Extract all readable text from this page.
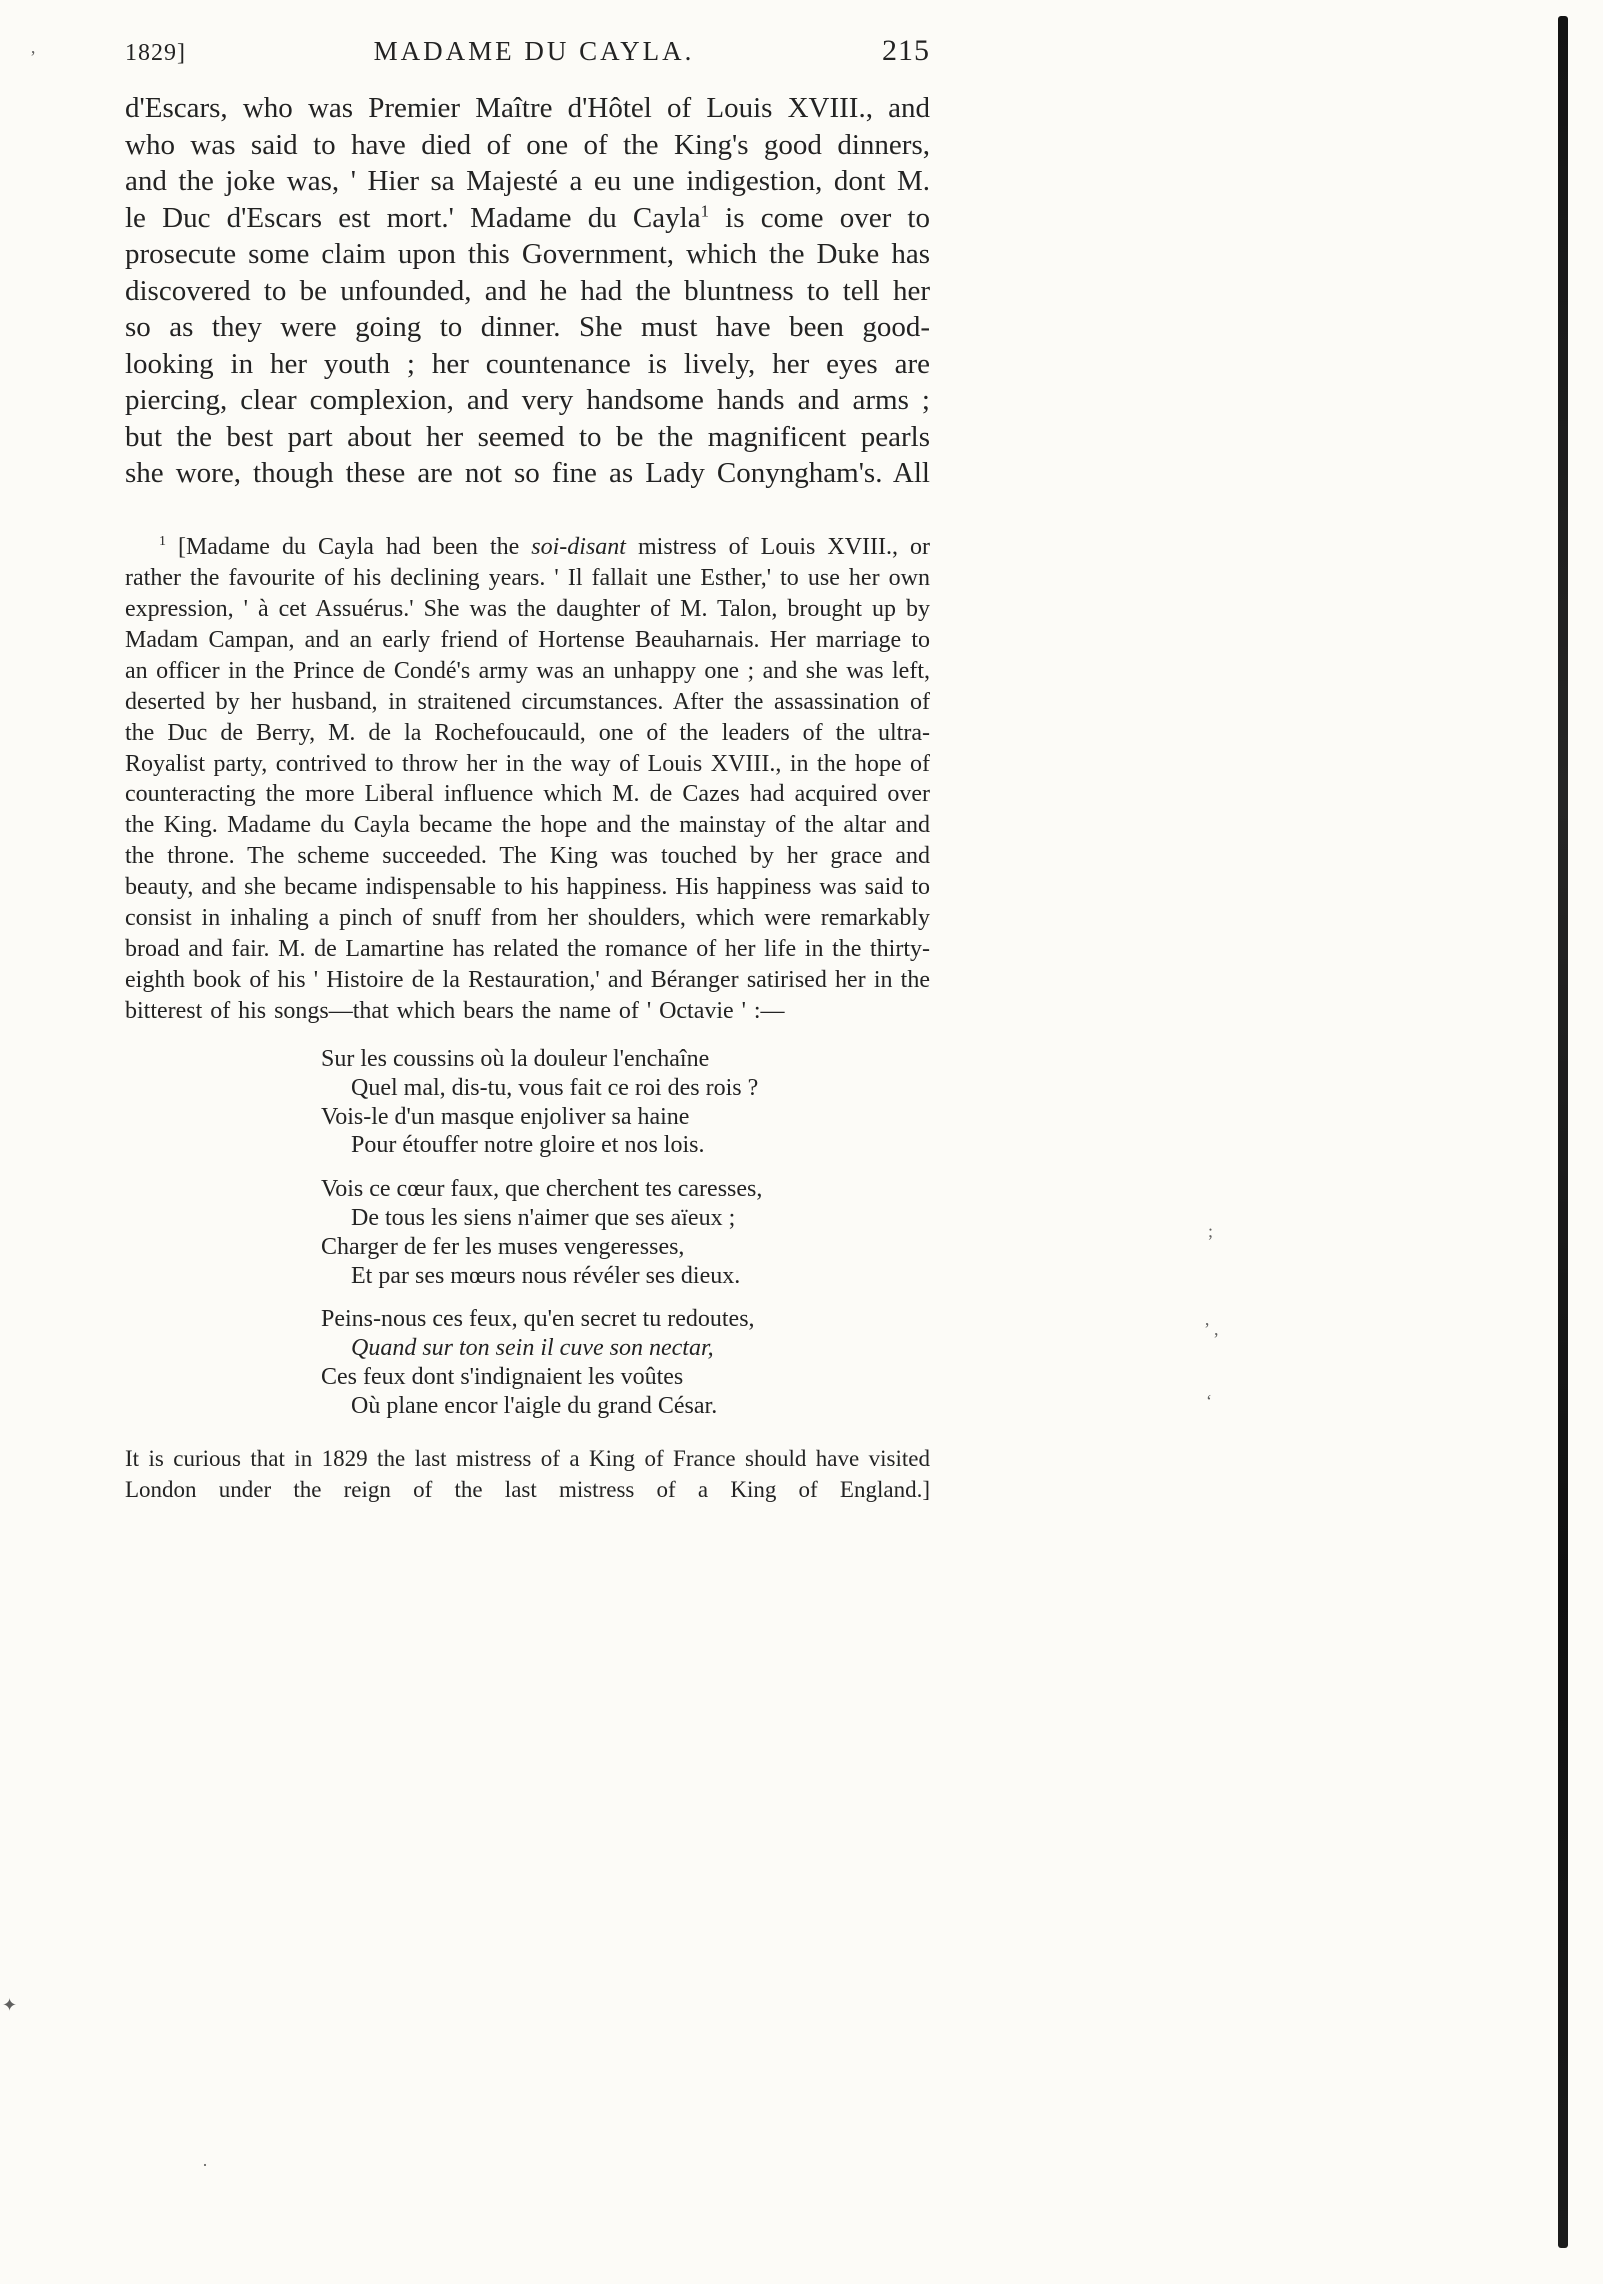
1829]	MADAME DU CAYLA.	215

d'Escars, who was Premier Maître d'Hôtel of Louis XVIII., and who was said to have died of one of the King's good dinners, and the joke was, ' Hier sa Majesté a eu une indigestion, dont M. le Duc d'Escars est mort.' Madame du Cayla$^1$ is come over to prosecute some claim upon this Government, which the Duke has discovered to be unfounded, and he had the bluntness to tell her so as they were going to dinner. She must have been good-looking in her youth ; her countenance is lively, her eyes are piercing, clear complexion, and very handsome hands and arms ; but the best part about her seemed to be the magnificent pearls she wore, though these are not so fine as Lady Conyngham's. All

$^1$ [Madame du Cayla had been the soi-disant mistress of Louis XVIII., or rather the favourite of his declining years. ' Il fallait une Esther,' to use her own expression, ' à cet Assuérus.' She was the daughter of M. Talon, brought up by Madam Campan, and an early friend of Hortense Beauharnais. Her marriage to an officer in the Prince de Condé's army was an unhappy one ; and she was left, deserted by her husband, in straitened circumstances. After the assassination of the Duc de Berry, M. de la Rochefoucauld, one of the leaders of the ultra-Royalist party, contrived to throw her in the way of Louis XVIII., in the hope of counteracting the more Liberal influence which M. de Cazes had acquired over the King. Madame du Cayla became the hope and the mainstay of the altar and the throne. The scheme succeeded. The King was touched by her grace and beauty, and she became indispensable to his happiness. His happiness was said to consist in inhaling a pinch of snuff from her shoulders, which were remarkably broad and fair. M. de Lamartine has related the romance of her life in the thirty-eighth book of his ' Histoire de la Restauration,' and Béranger satirised her in the bitterest of his songs—that which bears the name of ' Octavie ' :—

Sur les coussins où la douleur l'enchaîne
Quel mal, dis-tu, vous fait ce roi des rois ?
Vois-le d'un masque enjoliver sa haine
Pour étouffer notre gloire et nos lois.
Vois ce cœur faux, que cherchent tes caresses,
De tous les siens n'aimer que ses aïeux ;
Charger de fer les muses vengeresses,
Et par ses mœurs nous révéler ses dieux.
Peins-nous ces feux, qu'en secret tu redoutes,
Quand sur ton sein il cuve son nectar,
Ces feux dont s'indignaient les voûtes
Où plane encor l'aigle du grand César.

It is curious that in 1829 the last mistress of a King of France should have visited London under the reign of the last mistress of a King of England.]

’
;
’ ‚
‘
·
✦
